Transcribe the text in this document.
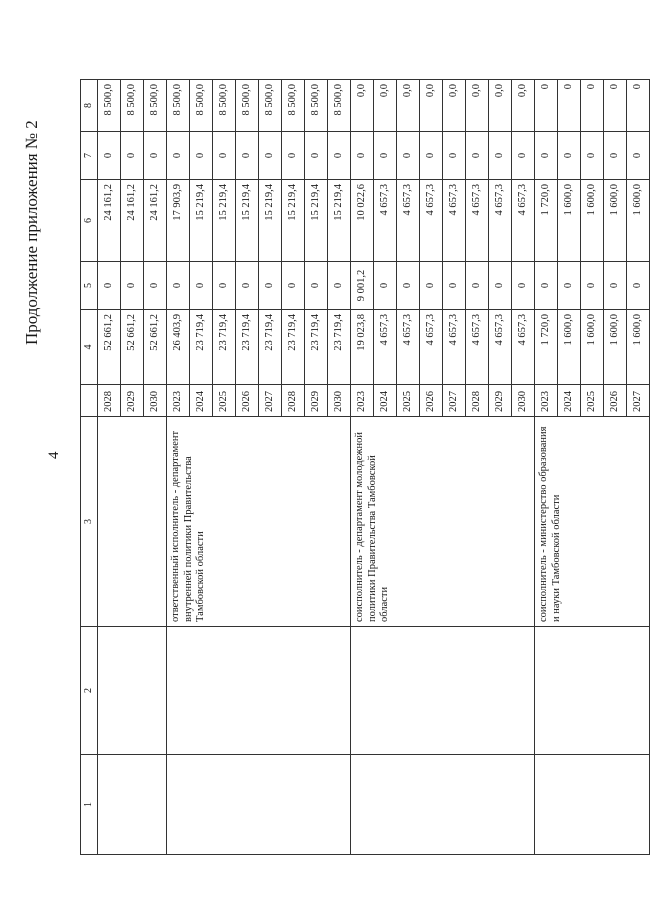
Продолжение приложения № 2
4
1	2	3		4	5	6	7	8
			2028	52 661,2	0	24 161,2	0	8 500,0
			2029	52 661,2	0	24 161,2	0	8 500,0
			2030	52 661,2	0	24 161,2	0	8 500,0
		ответственный исполнитель - департамент внутренней политики Правительства Тамбовской области	2023	26 403,9	0	17 903,9	0	8 500,0
			2024	23 719,4	0	15 219,4	0	8 500,0
			2025	23 719,4	0	15 219,4	0	8 500,0
			2026	23 719,4	0	15 219,4	0	8 500,0
			2027	23 719,4	0	15 219,4	0	8 500,0
			2028	23 719,4	0	15 219,4	0	8 500,0
			2029	23 719,4	0	15 219,4	0	8 500,0
			2030	23 719,4	0	15 219,4	0	8 500,0
		соисполнитель - департамент молодежной политики Правительства Тамбовской области	2023	19 023,8	9 001,2	10 022,6	0	0,0
			2024	4 657,3	0	4 657,3	0	0,0
			2025	4 657,3	0	4 657,3	0	0,0
			2026	4 657,3	0	4 657,3	0	0,0
			2027	4 657,3	0	4 657,3	0	0,0
			2028	4 657,3	0	4 657,3	0	0,0
			2029	4 657,3	0	4 657,3	0	0,0
			2030	4 657,3	0	4 657,3	0	0,0
		соисполнитель - министерство образования и науки Тамбовской области	2023	1 720,0	0	1 720,0	0	0
			2024	1 600,0	0	1 600,0	0	0
			2025	1 600,0	0	1 600,0	0	0
			2026	1 600,0	0	1 600,0	0	0
			2027	1 600,0	0	1 600,0	0	0
